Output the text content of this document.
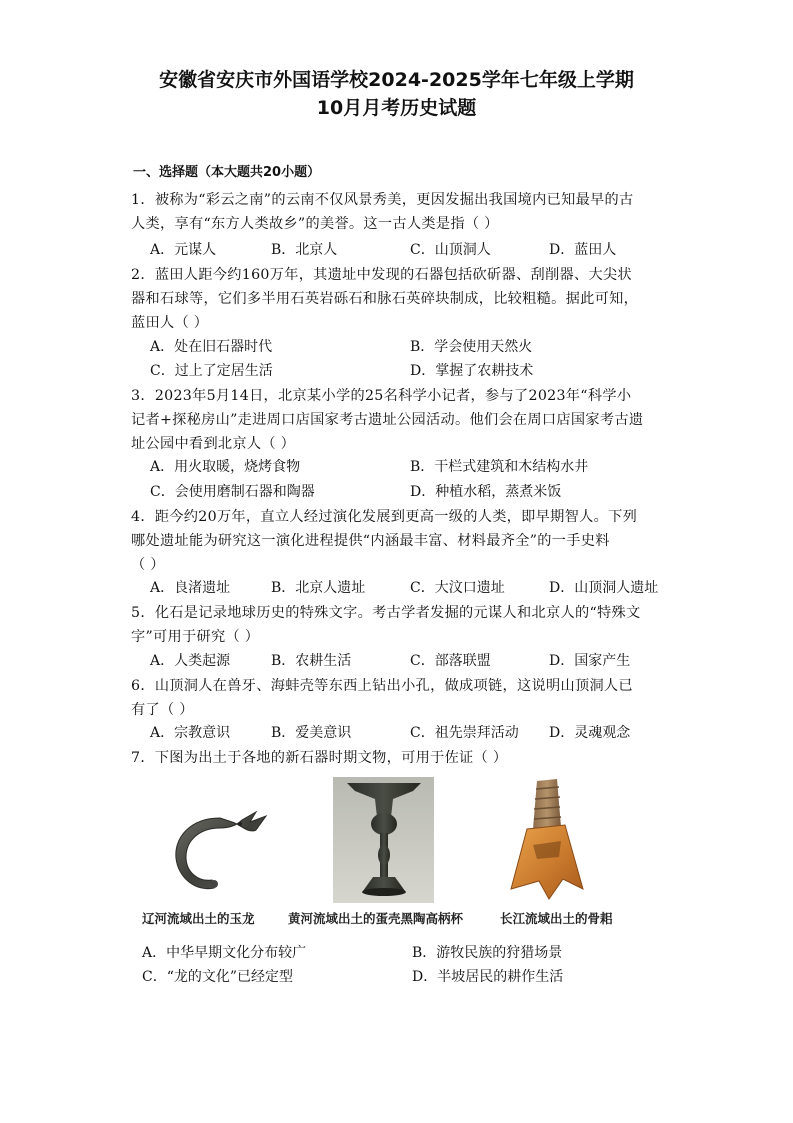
安徽省安庆市外国语学校2024-2025学年七年级上学期
10月月考历史试题
一、选择题（本大题共20小题）
1．被称为“彩云之南”的云南不仅风景秀美，更因发掘出我国境内已知最早的古
人类，享有“东方人类故乡”的美誉。这一古人类是指（ ）
A．元谋人	B．北京人	C．山顶洞人	D．蓝田人
2．蓝田人距今约160万年，其遗址中发现的石器包括砍斫器、刮削器、大尖状
器和石球等，它们多半用石英岩砾石和脉石英碎块制成，比较粗糙。据此可知，
蓝田人（ ）
A．处在旧石器时代	B．学会使用天然火
C．过上了定居生活	D．掌握了农耕技术
3．2023年5月14日，北京某小学的25名科学小记者，参与了2023年“科学小
记者+探秘房山”走进周口店国家考古遗址公园活动。他们会在周口店国家考古遗
址公园中看到北京人（ ）
A．用火取暖，烧烤食物	B．干栏式建筑和木结构水井
C．会使用磨制石器和陶器	D．种植水稻，蒸煮米饭
4．距今约20万年，直立人经过演化发展到更高一级的人类，即早期智人。下列
哪处遗址能为研究这一演化进程提供“内涵最丰富、材料最齐全”的一手史料
（ ）
A．良渚遗址	B．北京人遗址	C．大汶口遗址	D．山顶洞人遗址
5．化石是记录地球历史的特殊文字。考古学者发掘的元谋人和北京人的“特殊文
字”可用于研究（ ）
A．人类起源	B．农耕生活	C．部落联盟	D．国家产生
6．山顶洞人在兽牙、海蚌壳等东西上钻出小孔，做成项链，这说明山顶洞人已
有了（ ）
A．宗教意识	B．爱美意识	C．祖先崇拜活动 D．灵魂观念
7．下图为出土于各地的新石器时期文物，可用于佐证（ ）
辽河流域出土的玉龙	黄河流域出土的蛋壳黑陶高柄杯	长江流域出土的骨耜
A．中华早期文化分布较广	B．游牧民族的狩猎场景
C．“龙的文化”已经定型	D．半坡居民的耕作生活
